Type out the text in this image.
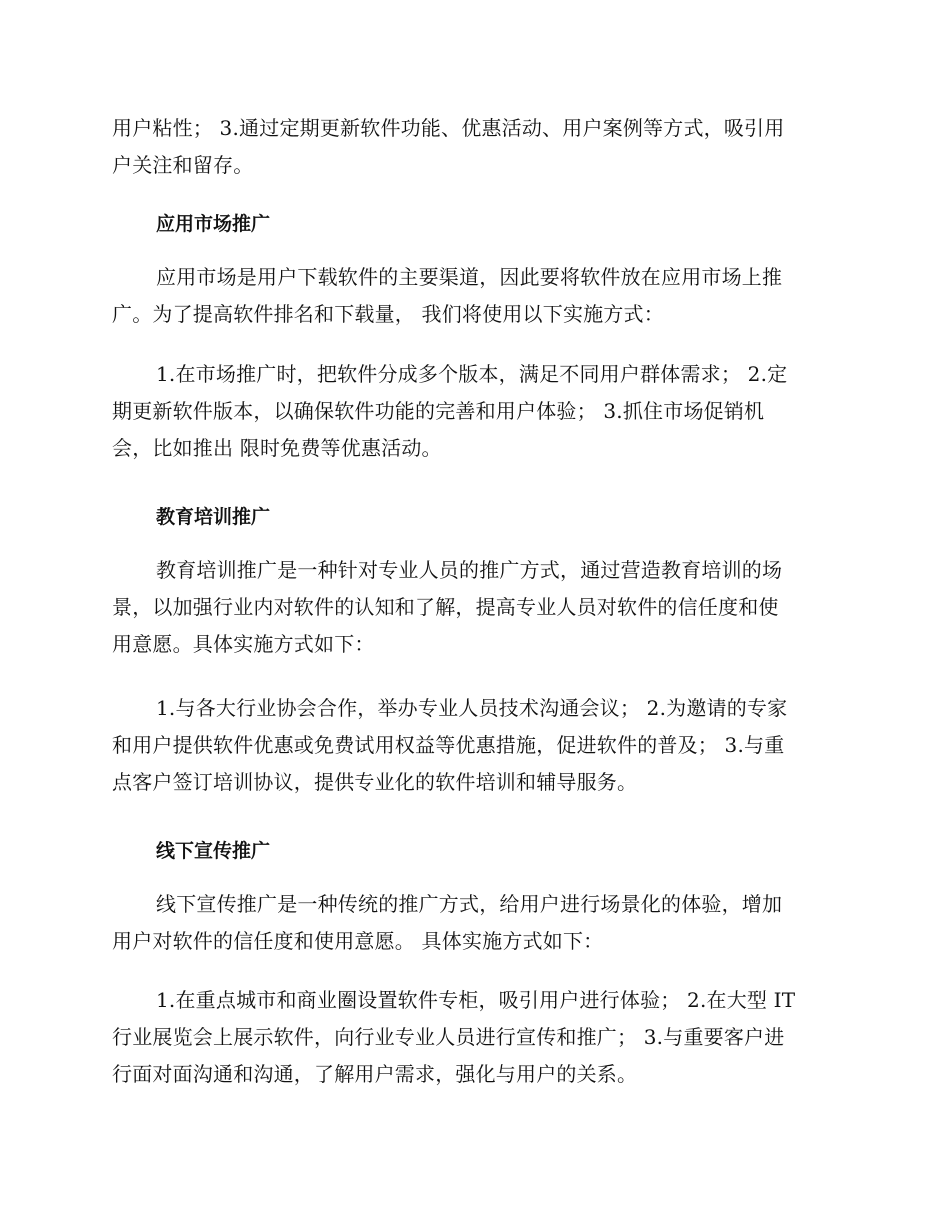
用户粘性； 3.通过定期更新软件功能、优惠活动、用户案例等方式，吸引用
户关注和留存。

应用市场推广

应用市场是用户下载软件的主要渠道，因此要将软件放在应用市场上推
广。为了提高软件排名和下载量， 我们将使用以下实施方式：

1.在市场推广时，把软件分成多个版本，满足不同用户群体需求； 2.定
期更新软件版本，以确保软件功能的完善和用户体验； 3.抓住市场促销机
会，比如推出 限时免费等优惠活动。

教育培训推广

教育培训推广是一种针对专业人员的推广方式，通过营造教育培训的场
景，以加强行业内对软件的认知和了解，提高专业人员对软件的信任度和使
用意愿。具体实施方式如下：

1.与各大行业协会合作，举办专业人员技术沟通会议； 2.为邀请的专家
和用户提供软件优惠或免费试用权益等优惠措施，促进软件的普及； 3.与重
点客户签订培训协议，提供专业化的软件培训和辅导服务。

线下宣传推广

线下宣传推广是一种传统的推广方式，给用户进行场景化的体验，增加
用户对软件的信任度和使用意愿。 具体实施方式如下：

1.在重点城市和商业圈设置软件专柜，吸引用户进行体验； 2.在大型 IT
行业展览会上展示软件，向行业专业人员进行宣传和推广； 3.与重要客户进
行面对面沟通和沟通，了解用户需求，强化与用户的关系。
